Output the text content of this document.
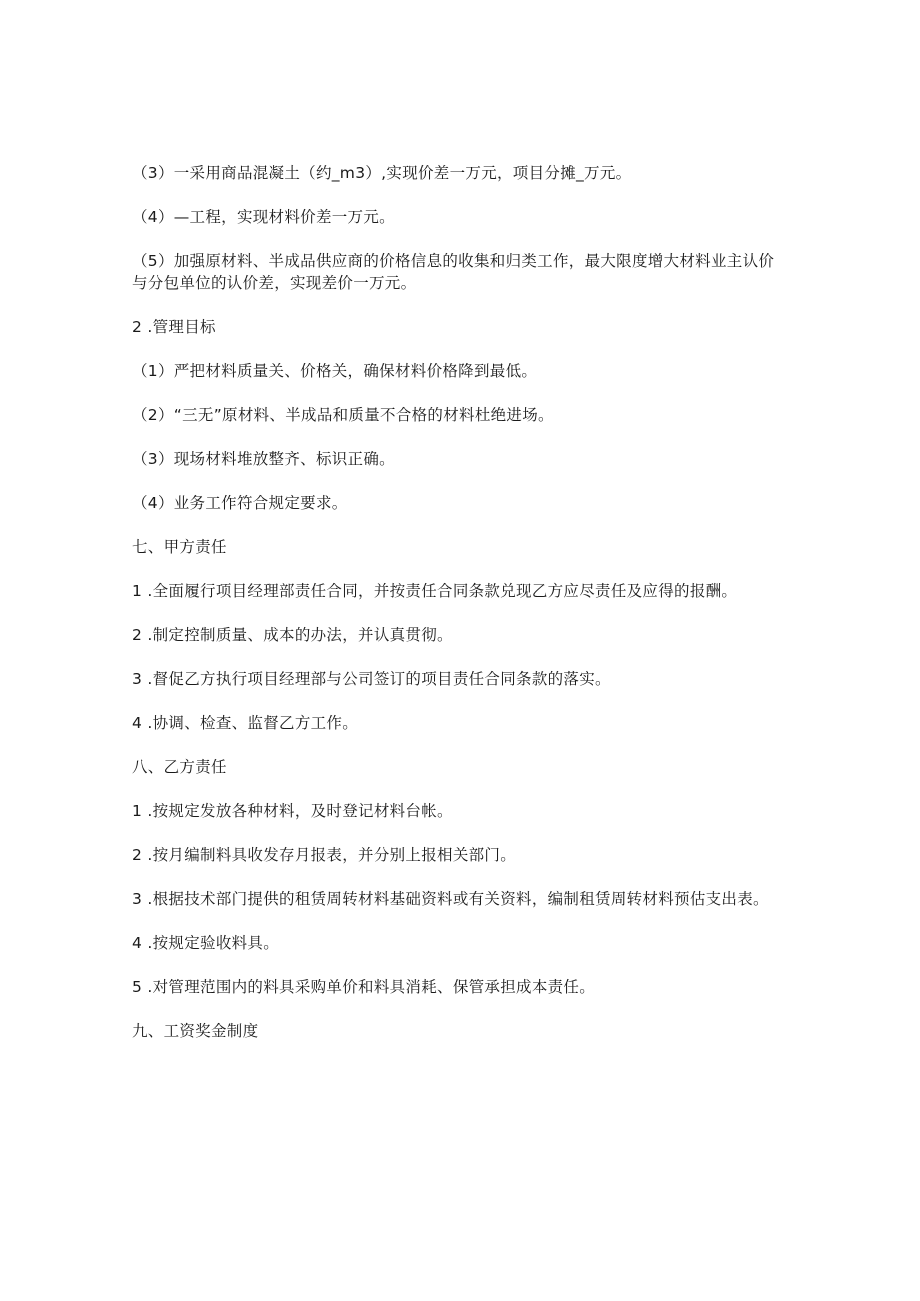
（3）一采用商品混凝土（约_m3）,实现价差一万元，项目分摊_万元。

（4）—工程，实现材料价差一万元。

（5）加强原材料、半成品供应商的价格信息的收集和归类工作，最大限度增大材料业主认价与分包单位的认价差，实现差价一万元。

2 .管理目标

（1）严把材料质量关、价格关，确保材料价格降到最低。

（2）“三无”原材料、半成品和质量不合格的材料杜绝进场。

（3）现场材料堆放整齐、标识正确。

（4）业务工作符合规定要求。

七、甲方责任

1 .全面履行项目经理部责任合同，并按责任合同条款兑现乙方应尽责任及应得的报酬。

2 .制定控制质量、成本的办法，并认真贯彻。

3 .督促乙方执行项目经理部与公司签订的项目责任合同条款的落实。

4 .协调、检查、监督乙方工作。

八、乙方责任

1 .按规定发放各种材料，及时登记材料台帐。

2 .按月编制料具收发存月报表，并分别上报相关部门。

3 .根据技术部门提供的租赁周转材料基础资料或有关资料，编制租赁周转材料预估支出表。

4 .按规定验收料具。

5 .对管理范围内的料具采购单价和料具消耗、保管承担成本责任。

九、工资奖金制度
